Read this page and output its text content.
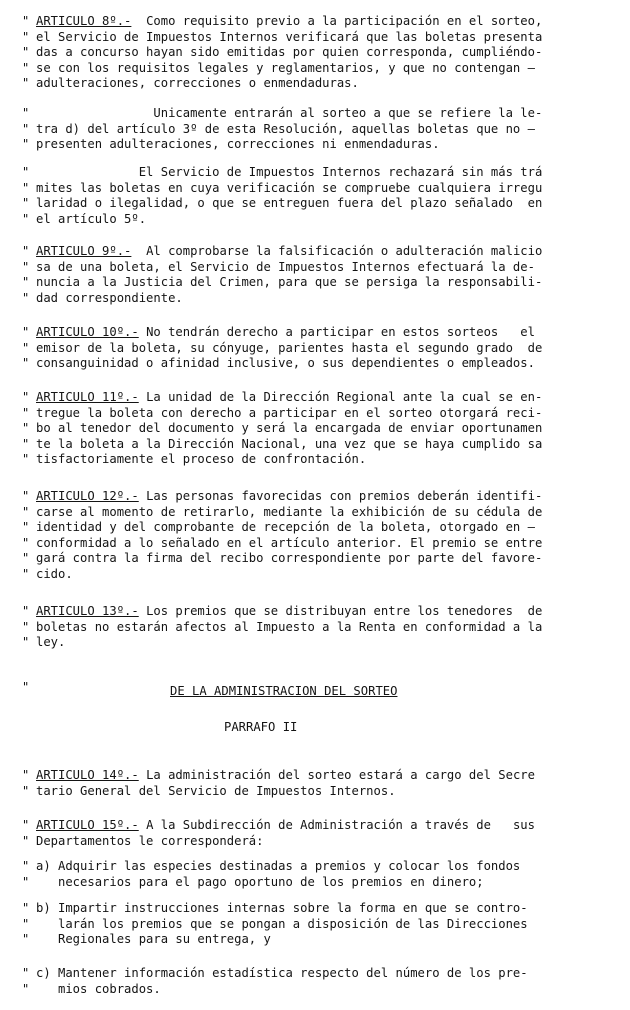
" ARTICULO 8º.-  Como requisito previo a la participación en el sorteo,
" el Servicio de Impuestos Internos verificará que las boletas presenta
" das a concurso hayan sido emitidas por quien corresponda, cumpliéndo-
" se con los requisitos legales y reglamentarios, y que no contengan —
" adulteraciones, correcciones o enmendaduras.
" Unicamente entrarán al sorteo a que se refiere la le-
" tra d) del artículo 3º de esta Resolución, aquellas boletas que no —
" presenten adulteraciones, correcciones ni enmendaduras.
" El Servicio de Impuestos Internos rechazará sin más trá
" mites las boletas en cuya verificación se compruebe cualquiera irregu
" laridad o ilegalidad, o que se entreguen fuera del plazo señalado  en
" el artículo 5º.
" ARTICULO 9º.-  Al comprobarse la falsificación o adulteración malicio
" sa de una boleta, el Servicio de Impuestos Internos efectuará la de-
" nuncia a la Justicia del Crimen, para que se persiga la responsabili-
" dad correspondiente.
" ARTICULO 10º.- No tendrán derecho a participar en estos sorteos   el
" emisor de la boleta, su cónyuge, parientes hasta el segundo grado  de
" consanguinidad o afinidad inclusive, o sus dependientes o empleados.
" ARTICULO 11º.- La unidad de la Dirección Regional ante la cual se en-
" tregue la boleta con derecho a participar en el sorteo otorgará reci-
" bo al tenedor del documento y será la encargada de enviar oportunamen
" te la boleta a la Dirección Nacional, una vez que se haya cumplido sa
" tisfactoriamente el proceso de confrontación.
" ARTICULO 12º.- Las personas favorecidas con premios deberán identifi-
" carse al momento de retirarlo, mediante la exhibición de su cédula de
" identidad y del comprobante de recepción de la boleta, otorgado en —
" conformidad a lo señalado en el artículo anterior. El premio se entre
" gará contra la firma del recibo correspondiente por parte del favore-
" cido.
" ARTICULO 13º.- Los premios que se distribuyan entre los tenedores  de
" boletas no estarán afectos al Impuesto a la Renta en conformidad a la
" ley.
DE LA ADMINISTRACION DEL SORTEO
"
PARRAFO II
" ARTICULO 14º.- La administración del sorteo estará a cargo del Secre
" tario General del Servicio de Impuestos Internos.
" ARTICULO 15º.- A la Subdirección de Administración a través de   sus
" Departamentos le corresponderá:
" a) Adquirir las especies destinadas a premios y colocar los fondos
" necesarios para el pago oportuno de los premios en dinero;
" b) Impartir instrucciones internas sobre la forma en que se contro-
" larán los premios que se pongan a disposición de las Direcciones
" Regionales para su entrega, y
" c) Mantener información estadística respecto del número de los pre-
" mios cobrados.
